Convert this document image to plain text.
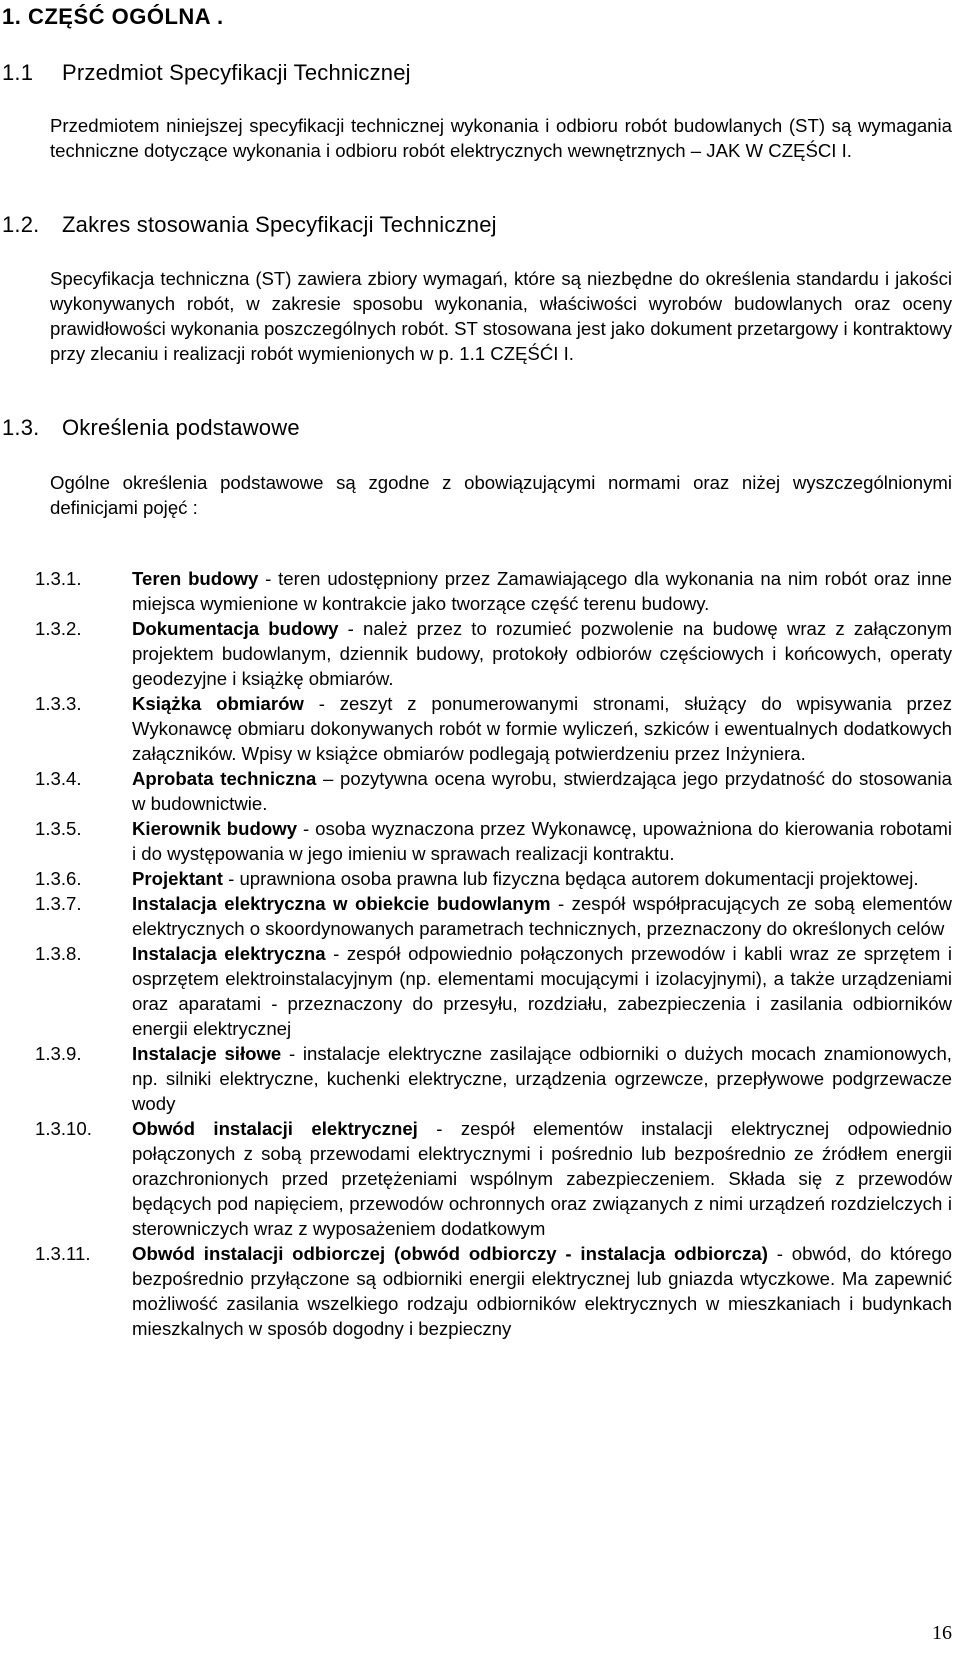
1. CZĘŚĆ OGÓLNA .
1.1 Przedmiot Specyfikacji Technicznej
Przedmiotem niniejszej specyfikacji technicznej wykonania i odbioru robót budowlanych (ST) są wymagania techniczne dotyczące wykonania i odbioru robót elektrycznych wewnętrznych – JAK W CZĘŚCI I.
1.2. Zakres stosowania Specyfikacji Technicznej
Specyfikacja techniczna (ST) zawiera zbiory wymagań, które są niezbędne do określenia standardu i jakości wykonywanych robót, w zakresie sposobu wykonania, właściwości wyrobów budowlanych oraz oceny prawidłowości wykonania poszczególnych robót. ST stosowana jest jako dokument przetargowy i kontraktowy przy zlecaniu i realizacji robót wymienionych w p. 1.1 CZĘŚĆI I.
1.3. Określenia podstawowe
Ogólne określenia podstawowe są zgodne z obowiązującymi normami oraz niżej wyszczególnionymi definicjami pojęć :
1.3.1.	Teren budowy - teren udostępniony przez Zamawiającego dla wykonania na nim robót oraz inne miejsca wymienione w kontrakcie jako tworzące część terenu budowy.
1.3.2.	Dokumentacja budowy - należ przez to rozumieć pozwolenie na budowę wraz z załączonym projektem budowlanym, dziennik budowy, protokoły odbiorów częściowych i końcowych, operaty geodezyjne i książkę obmiarów.
1.3.3.	Książka obmiarów - zeszyt z ponumerowanymi stronami, służący do wpisywania przez Wykonawcę obmiaru dokonywanych robót w formie wyliczeń, szkiców i ewentualnych dodatkowych załączników. Wpisy w książce obmiarów podlegają potwierdzeniu przez Inżyniera.
1.3.4.	Aprobata techniczna – pozytywna ocena wyrobu, stwierdzająca jego przydatność do stosowania w budownictwie.
1.3.5.	Kierownik budowy - osoba wyznaczona przez Wykonawcę, upoważniona do kierowania robotami i do występowania w jego imieniu w sprawach realizacji kontraktu.
1.3.6.	Projektant - uprawniona osoba prawna lub fizyczna będąca autorem dokumentacji projektowej.
1.3.7.	Instalacja elektryczna w obiekcie budowlanym - zespół współpracujących ze sobą elementów elektrycznych o skoordynowanych parametrach technicznych, przeznaczony do określonych celów
1.3.8.	Instalacja elektryczna - zespół odpowiednio połączonych przewodów i kabli wraz ze sprzętem i osprzętem elektroinstalacyjnym (np. elementami mocującymi i izolacyjnymi), a także urządzeniami oraz aparatami - przeznaczony do przesyłu, rozdziału, zabezpieczenia i zasilania odbiorników energii elektrycznej
1.3.9.	Instalacje siłowe - instalacje elektryczne zasilające odbiorniki o dużych mocach znamionowych, np. silniki elektryczne, kuchenki elektryczne, urządzenia ogrzewcze, przepływowe podgrzewacze wody
1.3.10. Obwód instalacji elektrycznej - zespół elementów instalacji elektrycznej odpowiednio połączonych z sobą przewodami elektrycznymi i pośrednio lub bezpośrednio ze źródłem energii orazchronionych przed przetężeniami wspólnym zabezpieczeniem. Składa się z przewodów będących pod napięciem, przewodów ochronnych oraz związanych z nimi urządzeń rozdzielczych i sterowniczych wraz z wyposażeniem dodatkowym
1.3.11. Obwód instalacji odbiorczej (obwód odbiorczy - instalacja odbiorcza) - obwód, do którego bezpośrednio przyłączone są odbiorniki energii elektrycznej lub gniazda wtyczkowe. Ma zapewnić możliwość zasilania wszelkiego rodzaju odbiorników elektrycznych w mieszkaniach i budynkach mieszkalnych w sposób dogodny i bezpieczny
16
